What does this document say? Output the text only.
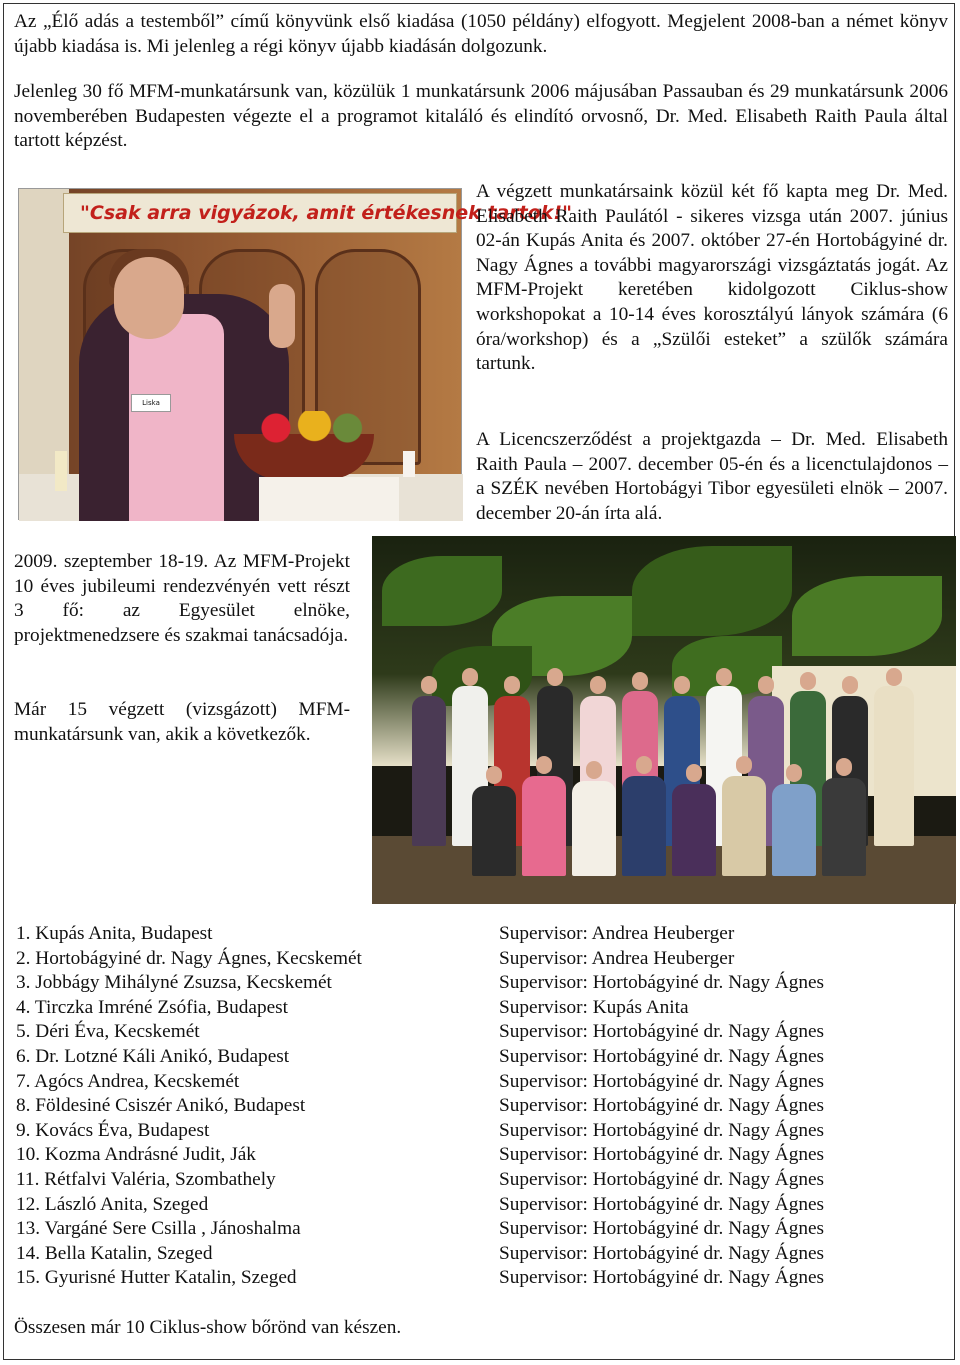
Az „Élő adás a testemből” című könyvünk első kiadása (1050 példány) elfogyott. Megjelent 2008-ban a német könyv újabb kiadása is. Mi jelenleg a régi könyv újabb kiadásán dolgozunk.
Jelenleg 30 fő MFM-munkatársunk van, közülük 1 munkatársunk 2006 májusában Passauban és 29 munkatársunk 2006 novemberében Budapesten végezte el a programot kitaláló és elindító orvosnő, Dr. Med. Elisabeth Raith Paula által tartott képzést.
"Csak arra vigyázok, amit értékesnek tartok!"
Liska
A végzett munkatársaink közül két fő kapta meg Dr. Med. Elisabeth Raith Paulától - sikeres vizsga után 2007. június 02-án Kupás Anita és 2007. október 27-én Hortobágyiné dr. Nagy Ágnes a további magyarországi vizsgáztatás jogát. Az MFM-Projekt keretében kidolgozott Ciklus-show workshopokat a 10-14 éves korosztályú lányok számára (6 óra/workshop) és a „Szülői esteket” a szülők számára tartunk.
A Licencszerződést a projektgazda – Dr. Med. Elisabeth Raith Paula – 2007. december 05-én és a licenctulajdonos – a SZÉK nevében Hortobágyi Tibor egyesületi elnök – 2007. december 20-án írta alá.
2009. szeptember 18-19. Az MFM-Projekt 10 éves jubileumi rendezvényén vett részt 3 fő: az Egyesület elnöke, projektmenedzsere és szakmai tanácsadója.
Már 15 végzett (vizsgázott) MFM-munkatársunk van, akik a következők.
1. Kupás Anita, Budapest
2. Hortobágyiné dr. Nagy Ágnes, Kecskemét
3. Jobbágy Mihályné Zsuzsa, Kecskemét
4. Tirczka Imréné Zsófia, Budapest
5. Déri Éva, Kecskemét
6. Dr. Lotzné Káli Anikó, Budapest
7. Agócs Andrea, Kecskemét
8. Földesiné Csiszér Anikó, Budapest
9. Kovács Éva, Budapest
10. Kozma Andrásné Judit, Ják
11. Rétfalvi Valéria, Szombathely
12. László Anita, Szeged
13. Vargáné Sere Csilla , Jánoshalma
14. Bella Katalin, Szeged
15. Gyurisné Hutter Katalin, Szeged
Supervisor: Andrea Heuberger
Supervisor: Andrea Heuberger
Supervisor: Hortobágyiné dr. Nagy Ágnes
Supervisor: Kupás Anita
Supervisor: Hortobágyiné dr. Nagy Ágnes
Supervisor: Hortobágyiné dr. Nagy Ágnes
Supervisor: Hortobágyiné dr. Nagy Ágnes
Supervisor: Hortobágyiné dr. Nagy Ágnes
Supervisor: Hortobágyiné dr. Nagy Ágnes
Supervisor: Hortobágyiné dr. Nagy Ágnes
Supervisor: Hortobágyiné dr. Nagy Ágnes
Supervisor: Hortobágyiné dr. Nagy Ágnes
Supervisor: Hortobágyiné dr. Nagy Ágnes
Supervisor: Hortobágyiné dr. Nagy Ágnes
Supervisor: Hortobágyiné dr. Nagy Ágnes
Összesen már 10 Ciklus-show bőrönd van készen.
